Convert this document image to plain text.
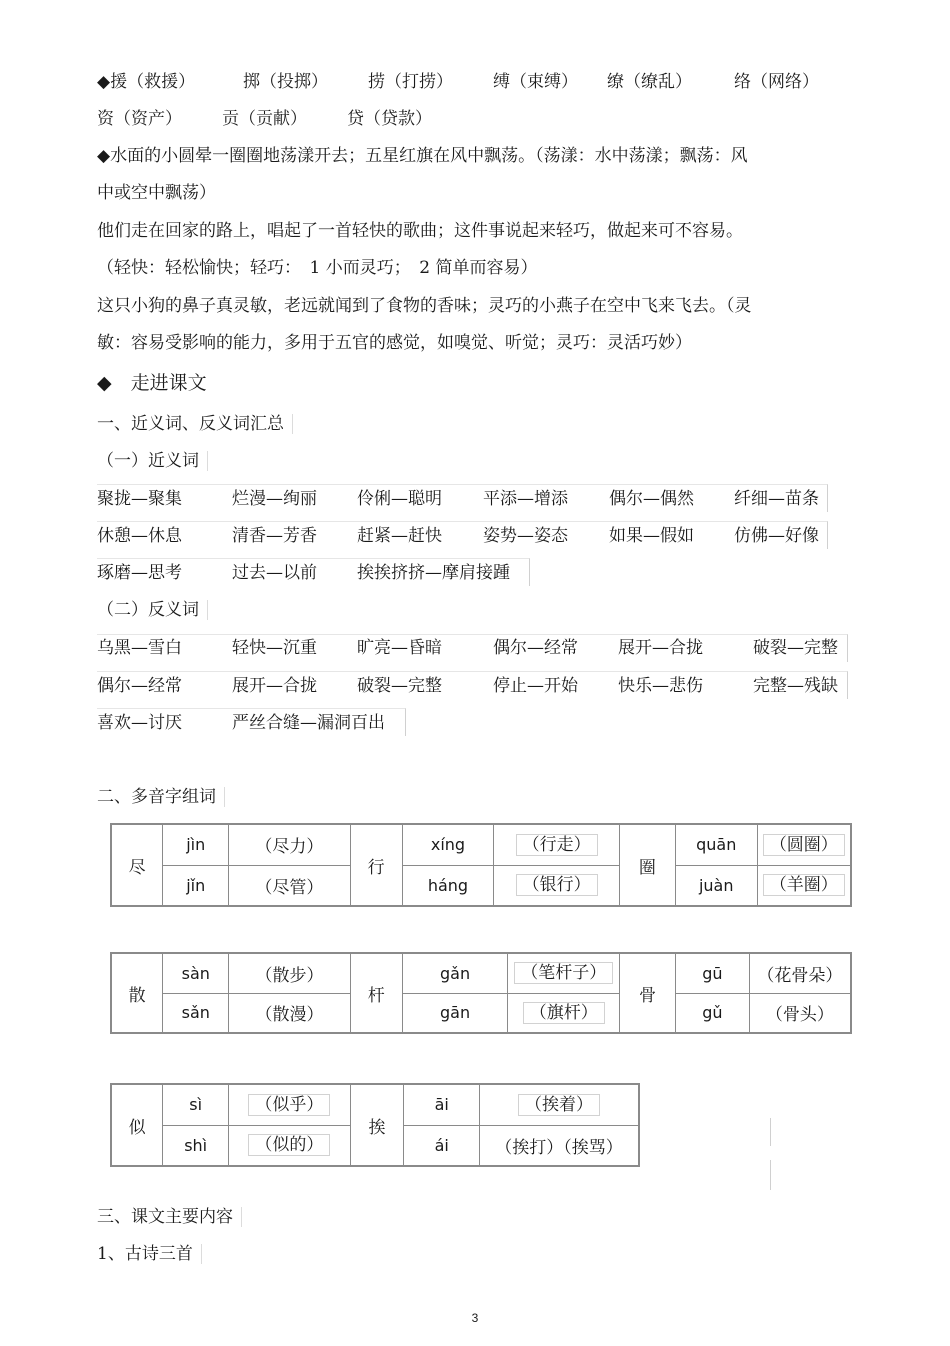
◆援（救援）	掷（投掷） 捞（打捞） 缚（束缚） 缭（缭乱） 络（网络）
资（资产） 贡（贡献） 贷（贷款）
◆水面的小圆晕一圈圈地荡漾开去；五星红旗在风中飘荡。（荡漾：水中荡漾；飘荡：风
中或空中飘荡）
他们走在回家的路上，唱起了一首轻快的歌曲；这件事说起来轻巧，做起来可不容易。
（轻快：轻松愉快；轻巧：　1 小而灵巧；　2 简单而容易）
这只小狗的鼻子真灵敏，老远就闻到了食物的香味；灵巧的小燕子在空中飞来飞去。（灵
敏：容易受影响的能力，多用于五官的感觉，如嗅觉、听觉；灵巧：灵活巧妙）
◆　走进课文
一、近义词、反义词汇总
（一）近义词
聚拢—聚集	烂漫—绚丽 伶俐—聪明 平添—增添 偶尔—偶然 纤细—苗条
休憩—休息	清香—芳香 赶紧—赶快 姿势—姿态 如果—假如 仿佛—好像
琢磨—思考	过去—以前 挨挨挤挤—摩肩接踵
（二）反义词
乌黑—雪白	轻快—沉重 旷亮—昏暗	偶尔—经常 展开—合拢	破裂—完整
偶尔—经常	展开—合拢 破裂—完整	停止—开始 快乐—悲伤	完整—残缺
喜欢—讨厌	严丝合缝—漏洞百出
二、多音字组词
尽	jìn	（尽力）	行	xíng	（行走）	圈	quān	（圆圈）
	jǐn	（尽管）		háng	（银行）		juàn	（羊圈）
散	sàn	（散步）	杆	gǎn	（笔杆子）	骨	gū	（花骨朵）
	sǎn	（散漫）		gān	（旗杆）		gǔ	（骨头）
似	sì	（似乎）	挨	āi	（挨着）
	shì	（似的）		ái	（挨打）（挨骂）
三、课文主要内容
1、古诗三首
3
